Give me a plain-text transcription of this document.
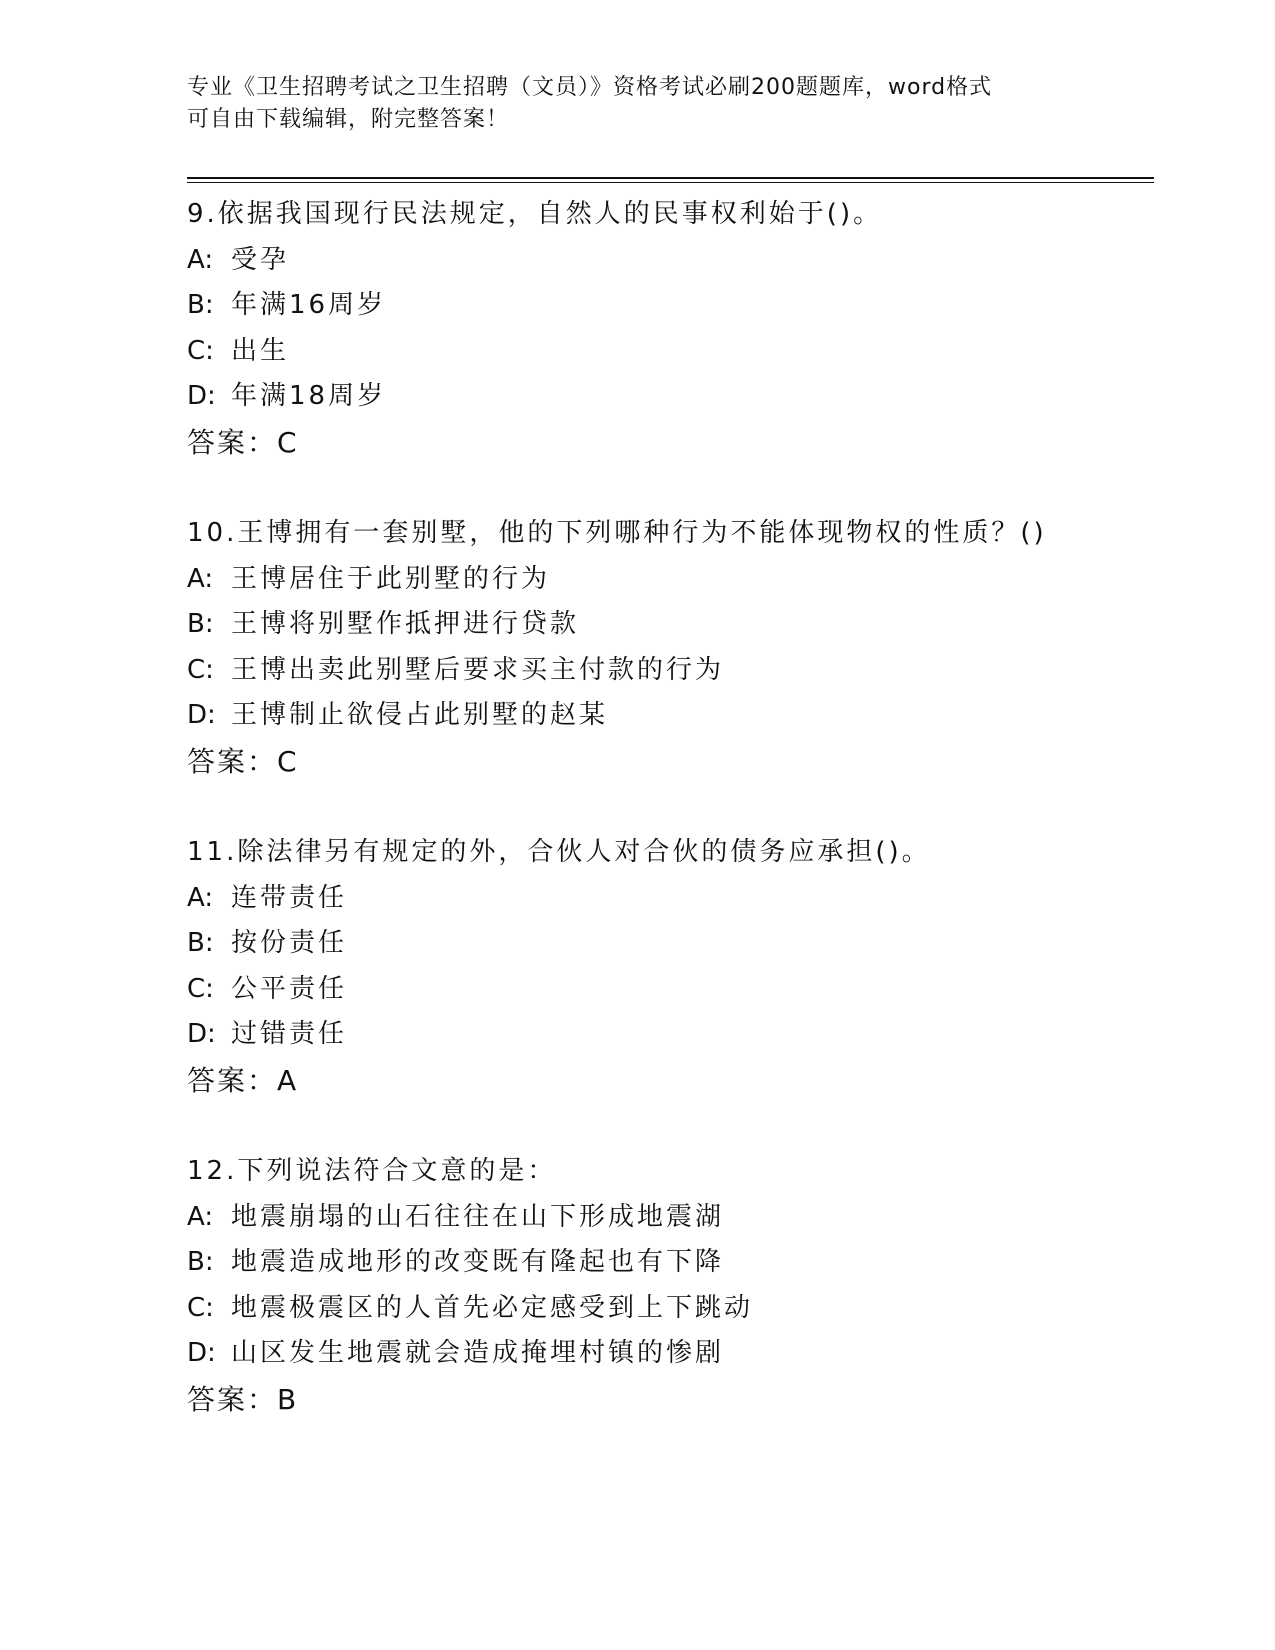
专业《卫生招聘考试之卫生招聘（文员）》资格考试必刷200题题库，word格式
可自由下载编辑，附完整答案！
9.依据我国现行民法规定，自然人的民事权利始于()。
A: 受孕
B: 年满16周岁
C: 出生
D: 年满18周岁
答案：C
10.王博拥有一套别墅，他的下列哪种行为不能体现物权的性质？()
A: 王博居住于此别墅的行为
B: 王博将别墅作抵押进行贷款
C: 王博出卖此别墅后要求买主付款的行为
D: 王博制止欲侵占此别墅的赵某
答案：C
11.除法律另有规定的外，合伙人对合伙的债务应承担()。
A: 连带责任
B: 按份责任
C: 公平责任
D: 过错责任
答案：A
12.下列说法符合文意的是：
A: 地震崩塌的山石往往在山下形成地震湖
B: 地震造成地形的改变既有隆起也有下降
C: 地震极震区的人首先必定感受到上下跳动
D: 山区发生地震就会造成掩埋村镇的惨剧
答案：B
